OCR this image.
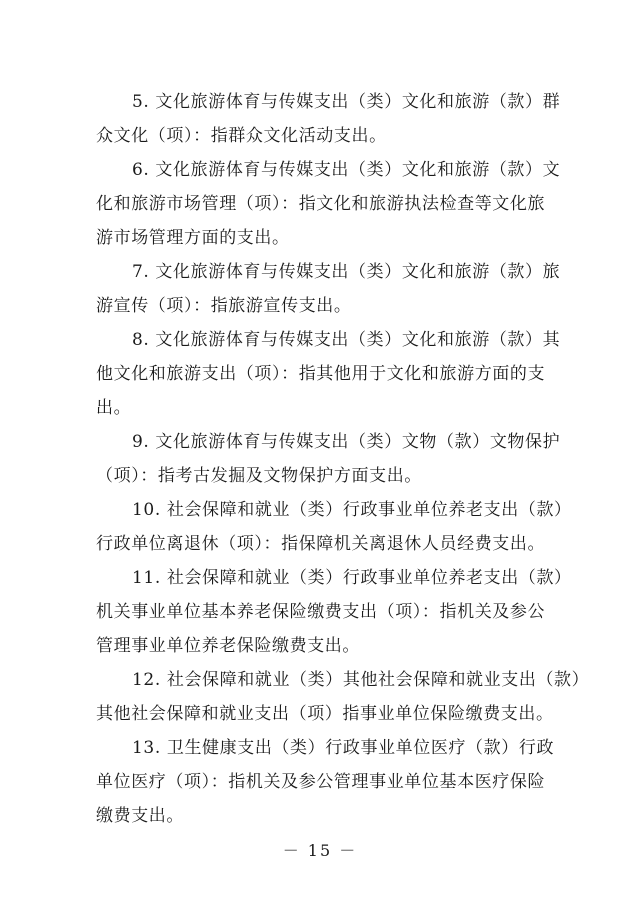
5. 文化旅游体育与传媒支出（类）文化和旅游（款）群
众文化（项）：指群众文化活动支出。
6. 文化旅游体育与传媒支出（类）文化和旅游（款）文
化和旅游市场管理（项）：指文化和旅游执法检查等文化旅
游市场管理方面的支出。
7. 文化旅游体育与传媒支出（类）文化和旅游（款）旅
游宣传（项）：指旅游宣传支出。
8. 文化旅游体育与传媒支出（类）文化和旅游（款）其
他文化和旅游支出（项）：指其他用于文化和旅游方面的支
出。
9. 文化旅游体育与传媒支出（类）文物（款）文物保护
（项）：指考古发掘及文物保护方面支出。
10. 社会保障和就业（类）行政事业单位养老支出（款）
行政单位离退休（项）：指保障机关离退休人员经费支出。
11. 社会保障和就业（类）行政事业单位养老支出（款）
机关事业单位基本养老保险缴费支出（项）：指机关及参公
管理事业单位养老保险缴费支出。
12. 社会保障和就业（类）其他社会保障和就业支出（款）
其他社会保障和就业支出（项）指事业单位保险缴费支出。
13. 卫生健康支出（类）行政事业单位医疗（款）行政
单位医疗（项）：指机关及参公管理事业单位基本医疗保险
缴费支出。
－ 15 －
